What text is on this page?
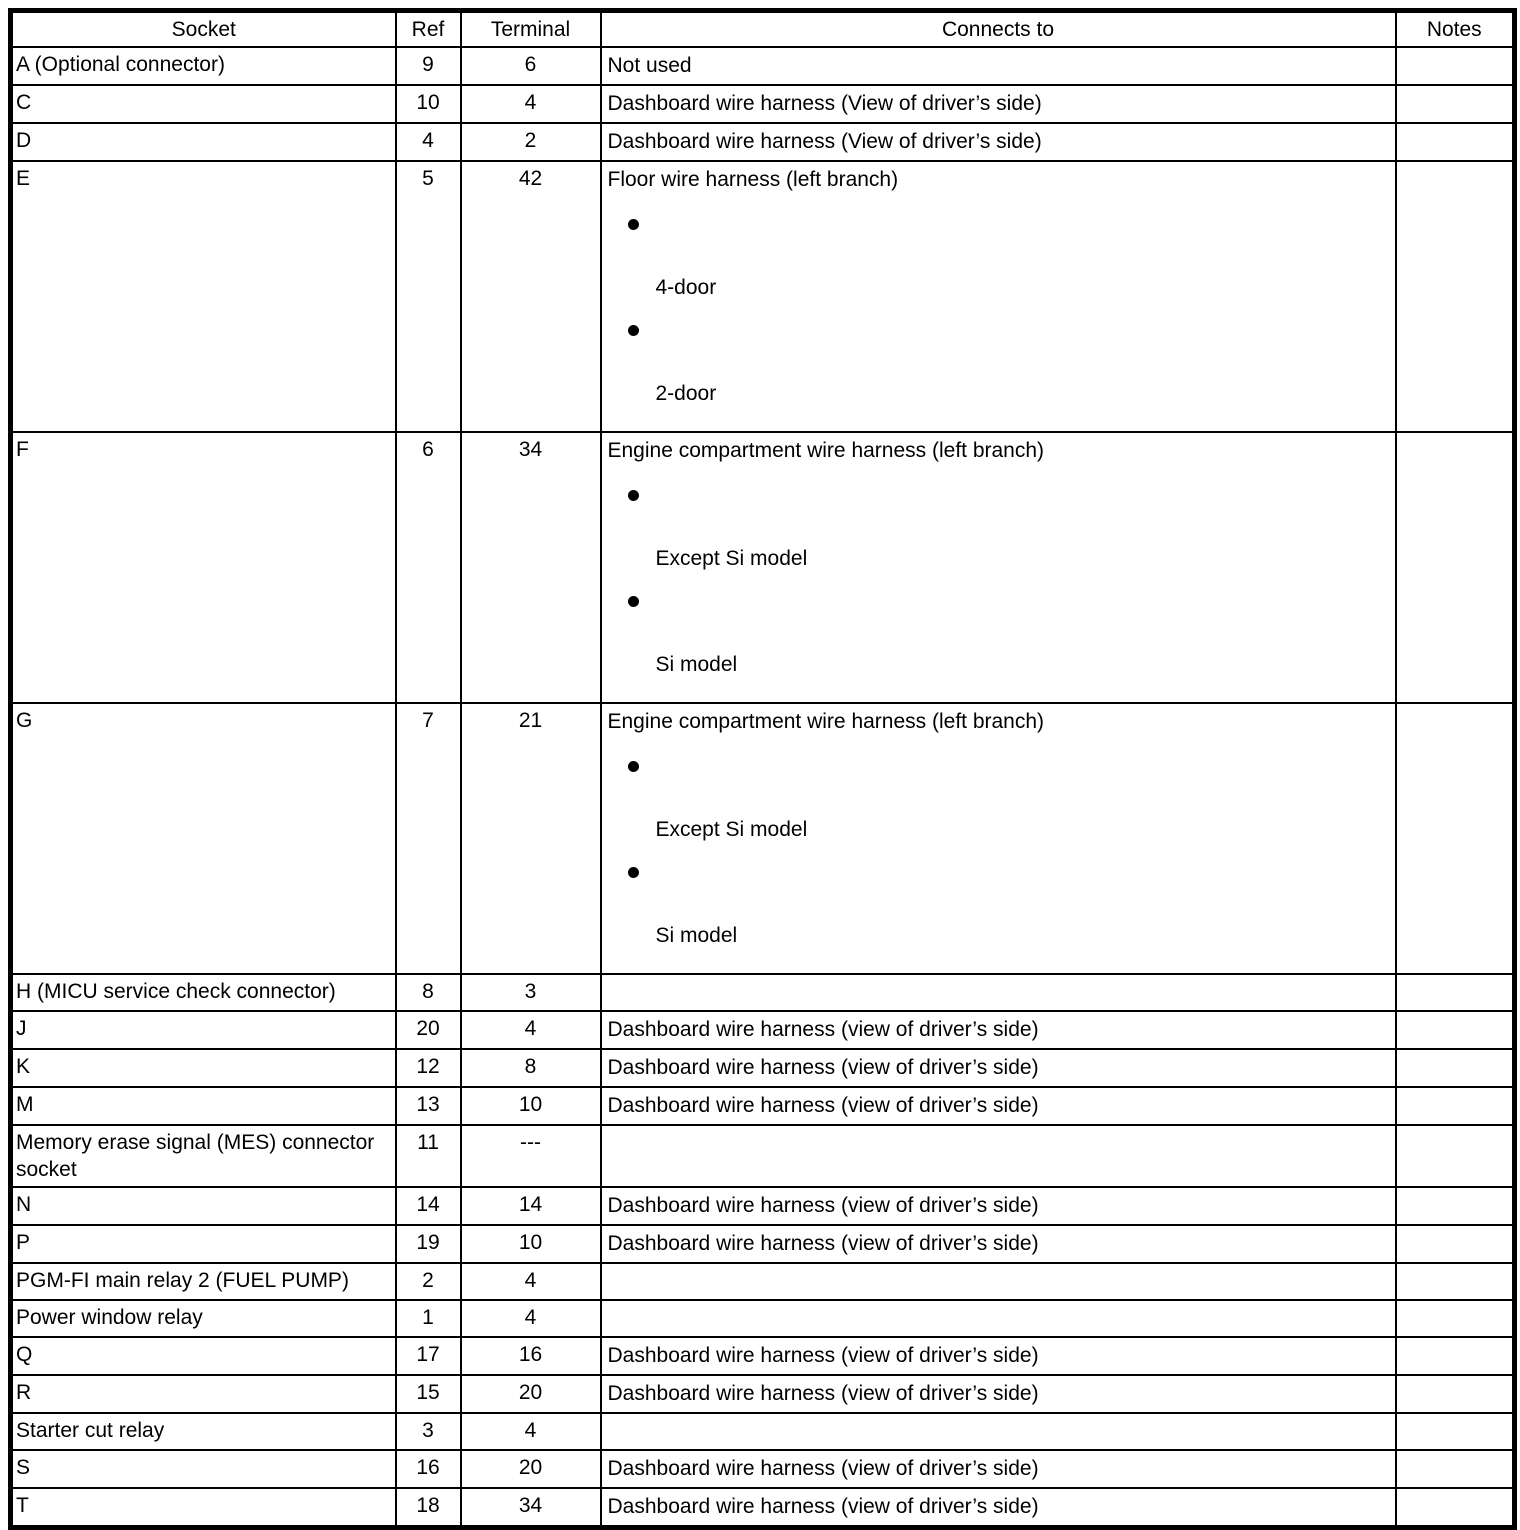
Socket	Ref	Terminal	Connects to	Notes
A (Optional connector)	9	6	Not used	

C	10	4	Dashboard wire harness (View of driver’s side)	

D	4	2	Dashboard wire harness (View of driver’s side)	

E	5	42	Floor wire harness (left branch)
4-door
2-door	

F	6	34	Engine compartment wire harness (left branch)
Except Si model
Si model	

G	7	21	Engine compartment wire harness (left branch)
Except Si model
Si model	

H (MICU service check connector)	8	3		
J	20	4	Dashboard wire harness (view of driver’s side)	

K	12	8	Dashboard wire harness (view of driver’s side)	

M	13	10	Dashboard wire harness (view of driver’s side)	

Memory erase signal (MES) connector socket	11	---		
N	14	14	Dashboard wire harness (view of driver’s side)	

P	19	10	Dashboard wire harness (view of driver’s side)	

PGM-FI main relay 2 (FUEL PUMP)	2	4		
Power window relay	1	4		
Q	17	16	Dashboard wire harness (view of driver’s side)	

R	15	20	Dashboard wire harness (view of driver’s side)	

Starter cut relay	3	4		
S	16	20	Dashboard wire harness (view of driver’s side)	

T	18	34	Dashboard wire harness (view of driver’s side)	
